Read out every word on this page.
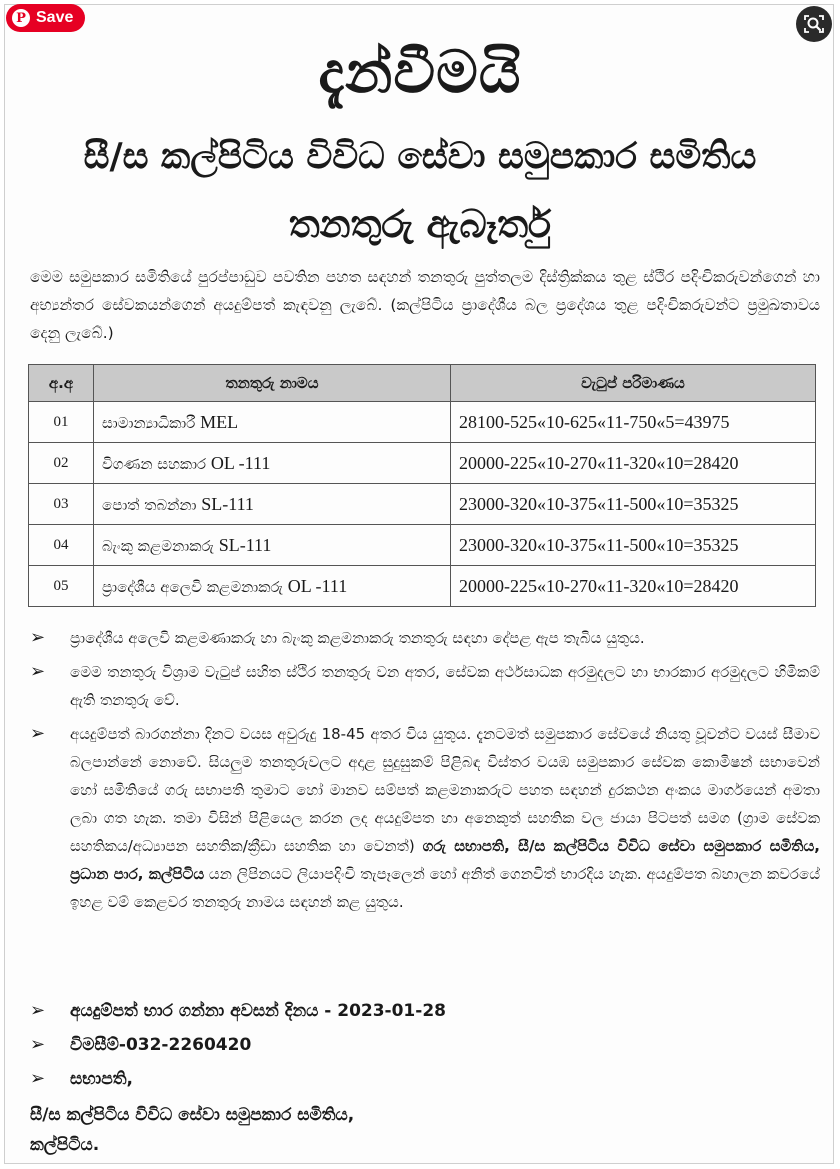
P Save
දැන්වීමයි
සී/ස කල්පිටිය විවිධ සේවා සමුපකාර සමිතිය
තනතුරු ඇබෑර්තු
මෙම සමුපකාර සමිතියේ පුරප්පාඩුව පවතින පහත සඳහන් තනතුරු පුත්තලම දිස්ත්‍රික්කය තුළ ස්ථිර පදිංචිකරුවන්ගෙන් හා අභ්‍යන්තර සේවකයන්ගෙන් අයදුම්පත් කැඳවනු ලැබේ. (කල්පිටිය ප්‍රාදේශීය බල ප්‍රදේශය තුළ පදිංචිකරුවන්ට ප්‍රමුඛතාවය දෙනු ලැබේ.)
අ.අ	තනතුරු නාමය	වැටුප් පරිමාණය
01	සාමාන්‍යාධිකාරී MEL	28100-525«10-625«11-750«5=43975
02	විගණන සහකාර OL -111	20000-225«10-270«11-320«10=28420
03	පොත් තබන්නා SL-111	23000-320«10-375«11-500«10=35325
04	බැංකු කළමනාකරු SL-111	23000-320«10-375«11-500«10=35325
05	ප්‍රාදේශීය අලෙවි කළමනාකරු OL -111	20000-225«10-270«11-320«10=28420
➢	ප්‍රාදේශීය අලෙවි කළමණාකරු හා බැංකු කළමනාකරු තනතුරු සඳහා දේපළ ඇප තැබිය යුතුය.
➢	මෙම තනතුරු විශ්‍රාම වැටුප් සහිත ස්ථිර තනතුරු වන අතර, සේවක අර්ථසාධක අරමුදලට හා භාරකාර අරමුදලට හිමිකම් ඇති තනතුරු වේ.
➢	අයදුම්පත් බාරගන්නා දිනට වයස අවුරුදු 18-45 අතර විය යුතුය. දැනටමත් සමුපකාර සේවයේ නියතු වූවන්ට වයස් සීමාව බලපාන්නේ නොවේ. සියලුම තනතුරුවලට අදාළ සුදුසුකම් පිළිබඳ විස්තර වයඹ සමුපකාර සේවක කොමිෂන් සභාවෙන් හෝ සමිතියේ ගරු සභාපති තුමාට හෝ මානව සම්පත් කළමනාකරුට පහත සඳහන් දුරකථන අංකය මාර්ගයෙන් අමතා ලබා ගත හැක. තමා විසින් පිළියෙල කරන ලද අයදුම්පත හා අනෙකුත් සහතික වල ජායා පිටපත් සමග (ග්‍රාම සේවක සහතිකය/අධ්‍යාපන සහතික/ක්‍රීඩා සහතික හා වෙනත්) ගරු සභාපති, සී/ස කල්පිටිය විවිධ සේවා සමුපකාර සමිතිය, ප්‍රධාන පාර, කල්පිටිය යන ලිපිනයට ලියාපදිංචි තැපෑලෙන් හෝ අනිත් ගෙනවිත් භාරදිය හැක. අයදුම්පත බහාලන කවරයේ ඉහළ වම් කෙළවර තනතුරු නාමය සඳහන් කළ යුතුය.
➢	අයදුම්පත් භාර ගන්නා අවසන් දිනය - 2023-01-28
➢	විමසීම්-032-2260420
➢	සභාපති,
සී/ස කල්පිටිය විවිධ සේවා සමුපකාර සමිතිය,
කල්පිටිය.
